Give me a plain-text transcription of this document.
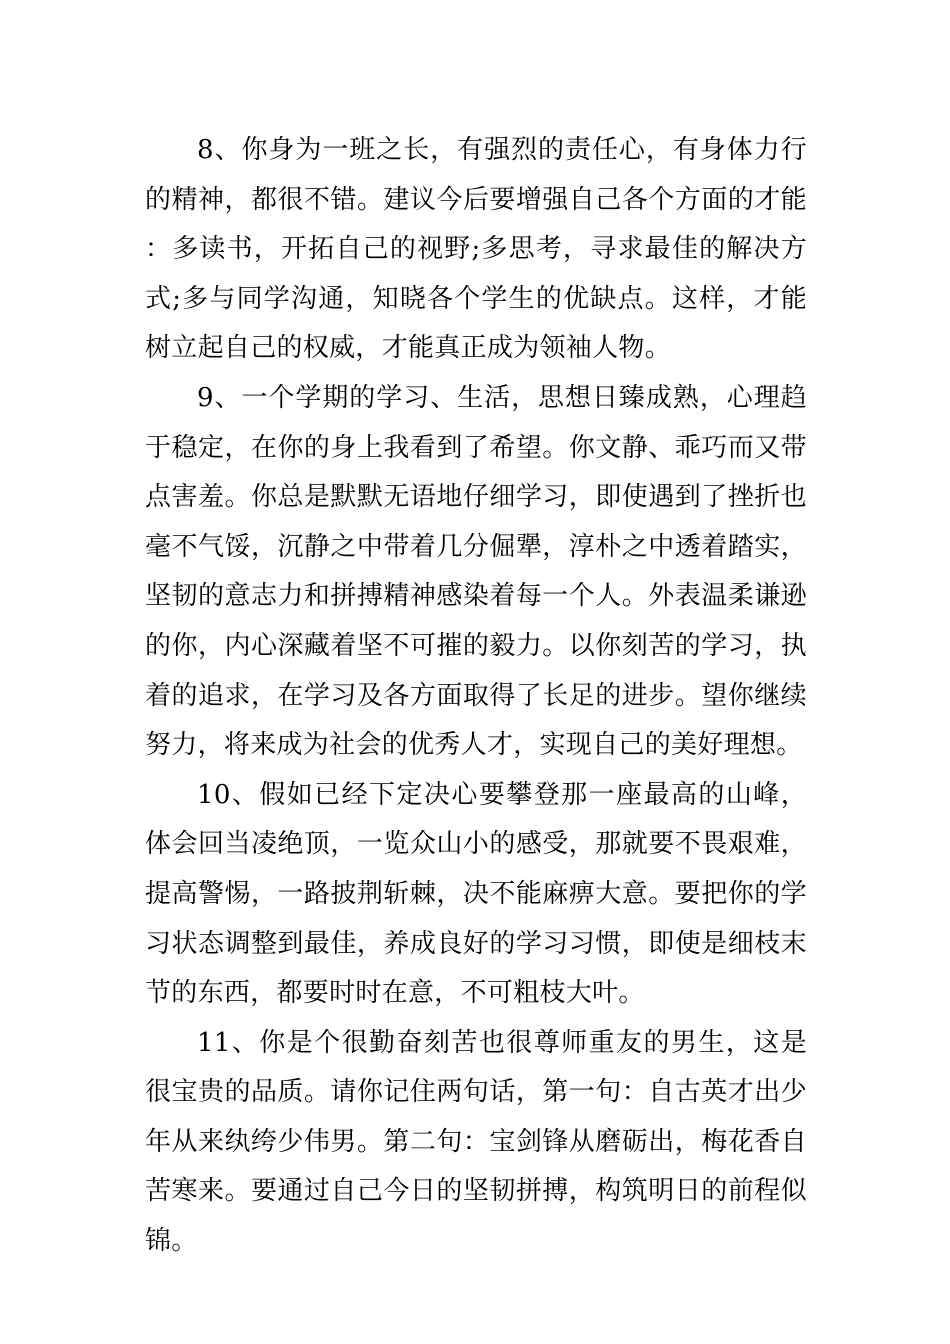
8、你身为一班之长，有强烈的责任心，有身体力行的精神，都很不错。建议今后要增强自己各个方面的才能：多读书，开拓自己的视野;多思考，寻求最佳的解决方式;多与同学沟通，知晓各个学生的优缺点。这样，才能树立起自己的权威，才能真正成为领袖人物。

9、一个学期的学习、生活，思想日臻成熟，心理趋于稳定，在你的身上我看到了希望。你文静、乖巧而又带点害羞。你总是默默无语地仔细学习，即使遇到了挫折也毫不气馁，沉静之中带着几分倔犟，淳朴之中透着踏实，坚韧的意志力和拼搏精神感染着每一个人。外表温柔谦逊的你，内心深藏着坚不可摧的毅力。以你刻苦的学习，执着的追求，在学习及各方面取得了长足的进步。望你继续努力，将来成为社会的优秀人才，实现自己的美好理想。

10、假如已经下定决心要攀登那一座最高的山峰，体会回当凌绝顶，一览众山小的感受，那就要不畏艰难，提高警惕，一路披荆斩棘，决不能麻痹大意。要把你的学习状态调整到最佳，养成良好的学习习惯，即使是细枝末节的东西，都要时时在意，不可粗枝大叶。

11、你是个很勤奋刻苦也很尊师重友的男生，这是很宝贵的品质。请你记住两句话，第一句：自古英才出少年从来纨绔少伟男。第二句：宝剑锋从磨砺出，梅花香自苦寒来。要通过自己今日的坚韧拼搏，构筑明日的前程似锦。
